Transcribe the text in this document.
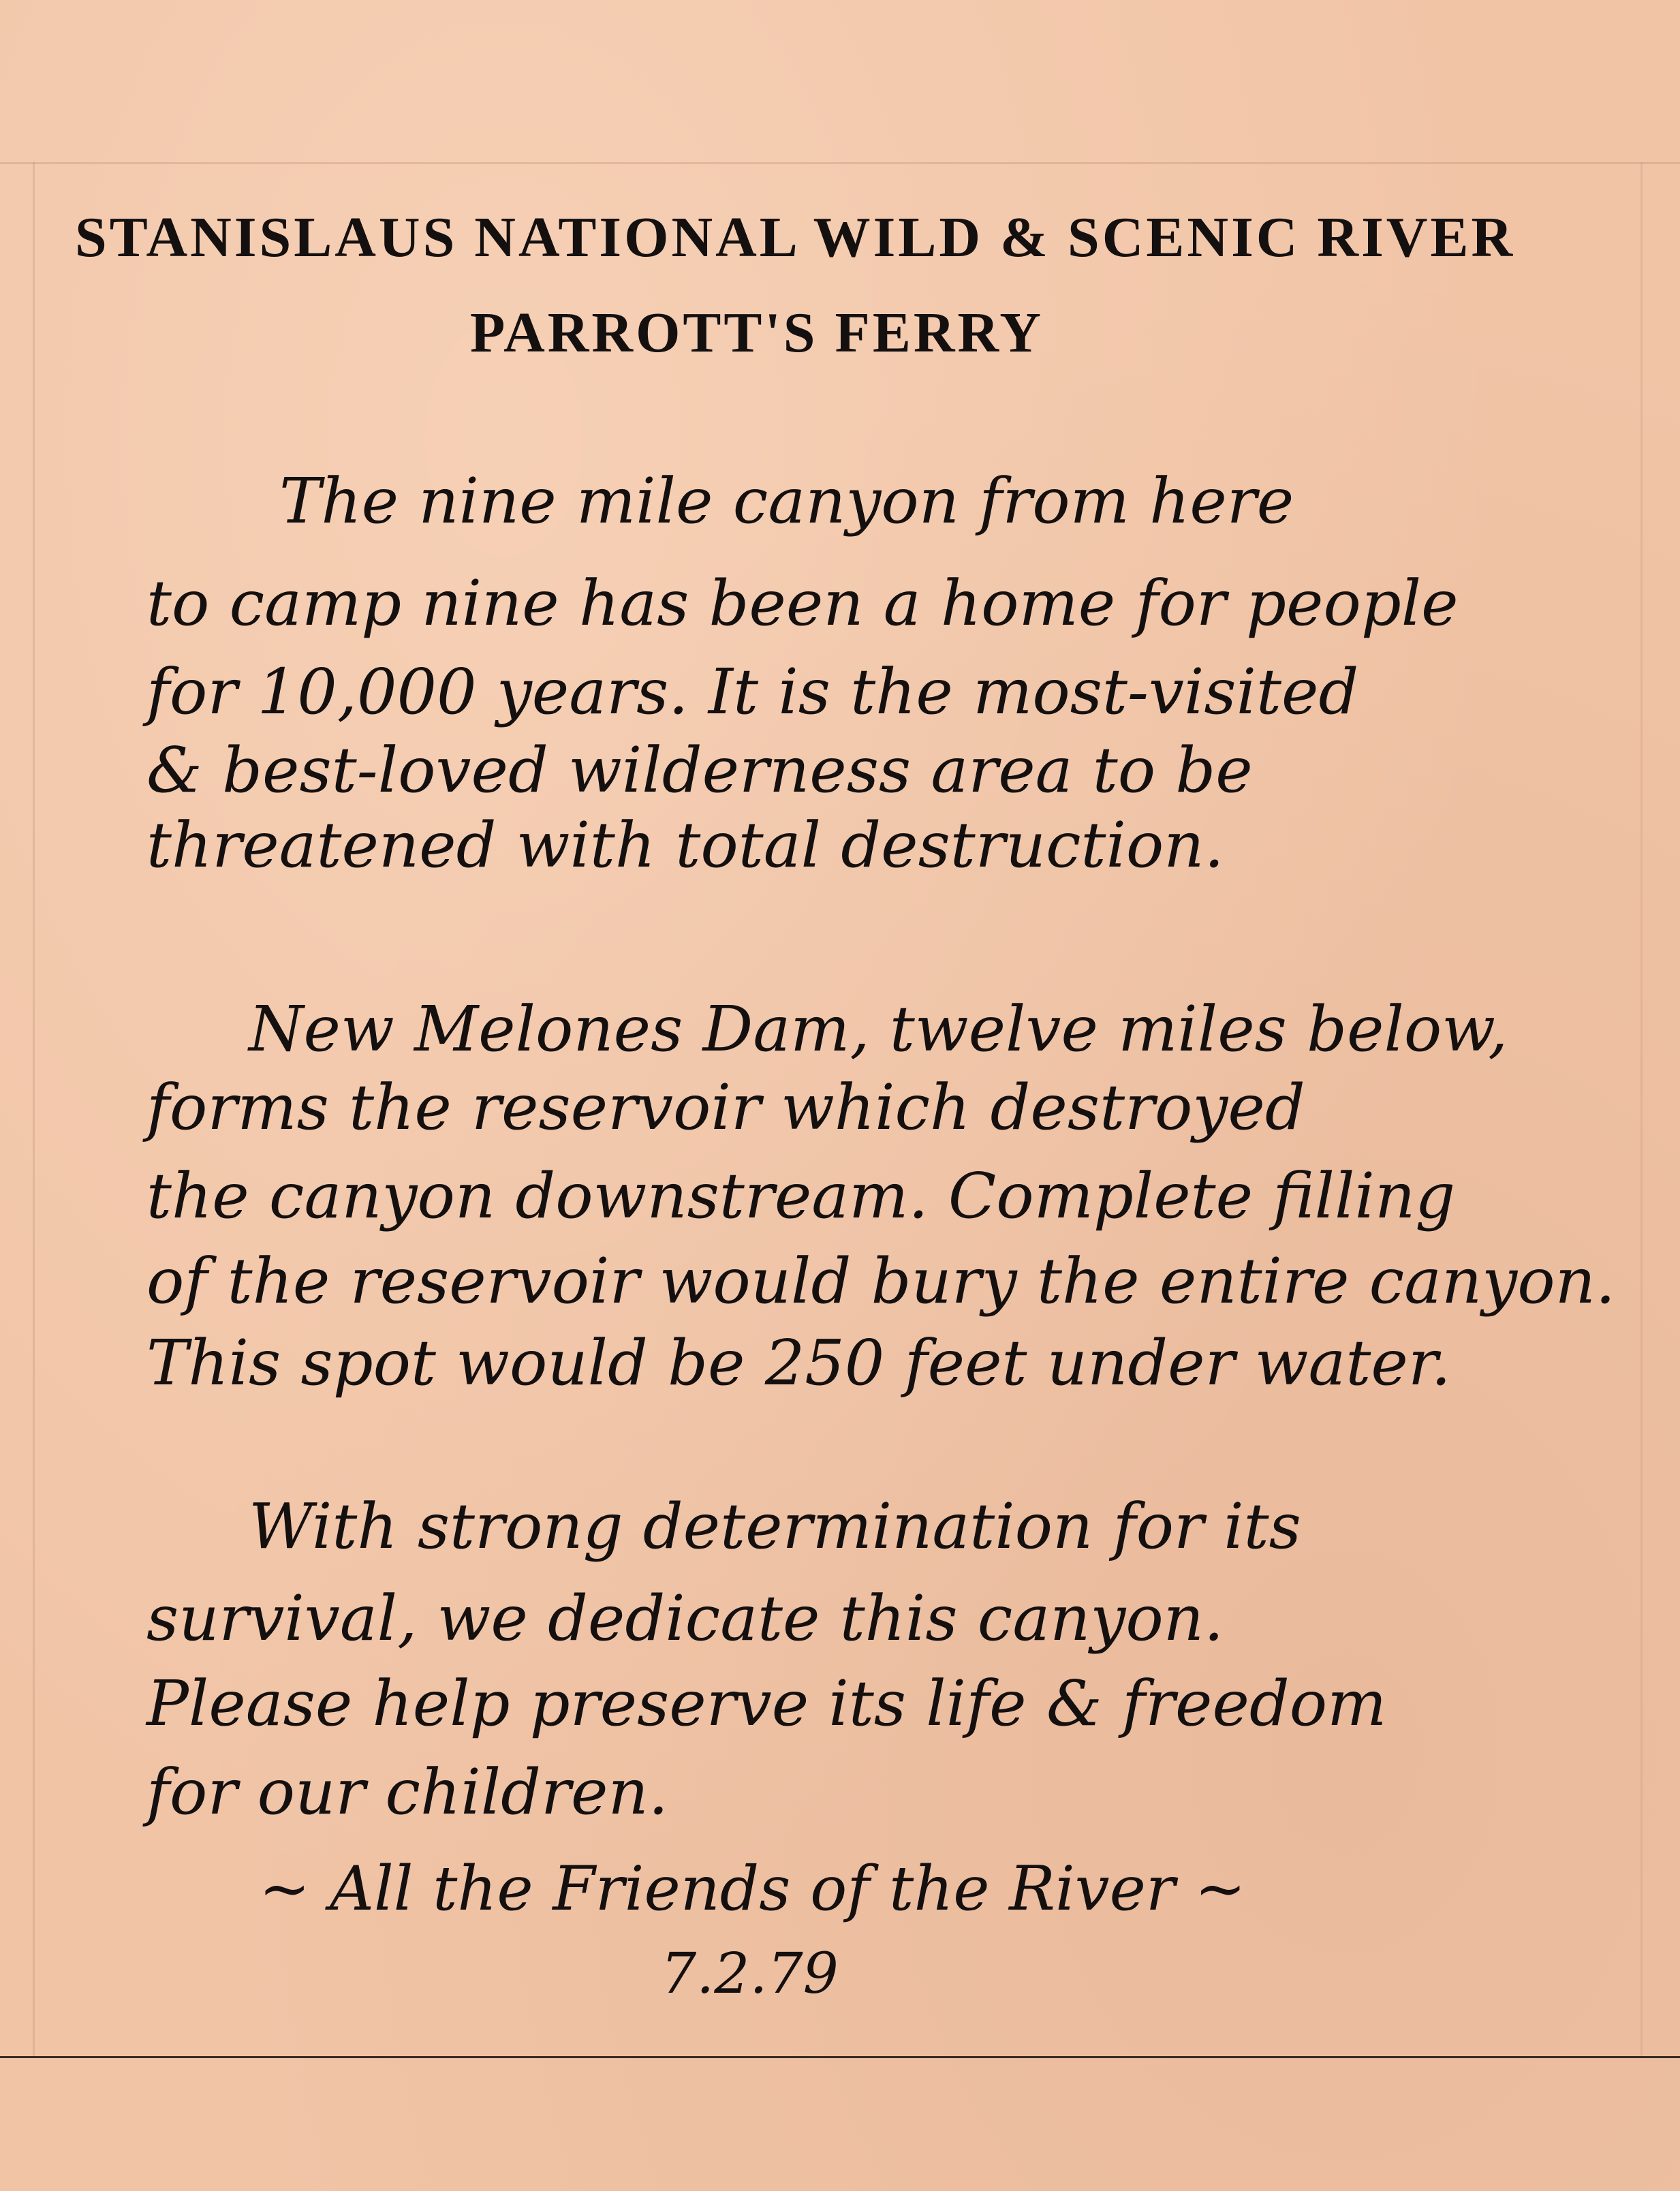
STANISLAUS NATIONAL WILD & SCENIC RIVER
PARROTT'S FERRY

The nine mile canyon from here

to camp nine has been a home for people

for 10,000 years. It is the most-visited

& best-loved wilderness area to be

threatened with total destruction.

New Melones Dam, twelve miles below,

forms the reservoir which destroyed

the canyon downstream. Complete filling

of the reservoir would bury the entire canyon.

This spot would be 250 feet under water.

With strong determination for its

survival, we dedicate this canyon.

Please help preserve its life & freedom

for our children.

~ All the Friends of the River ~

7.2.79
